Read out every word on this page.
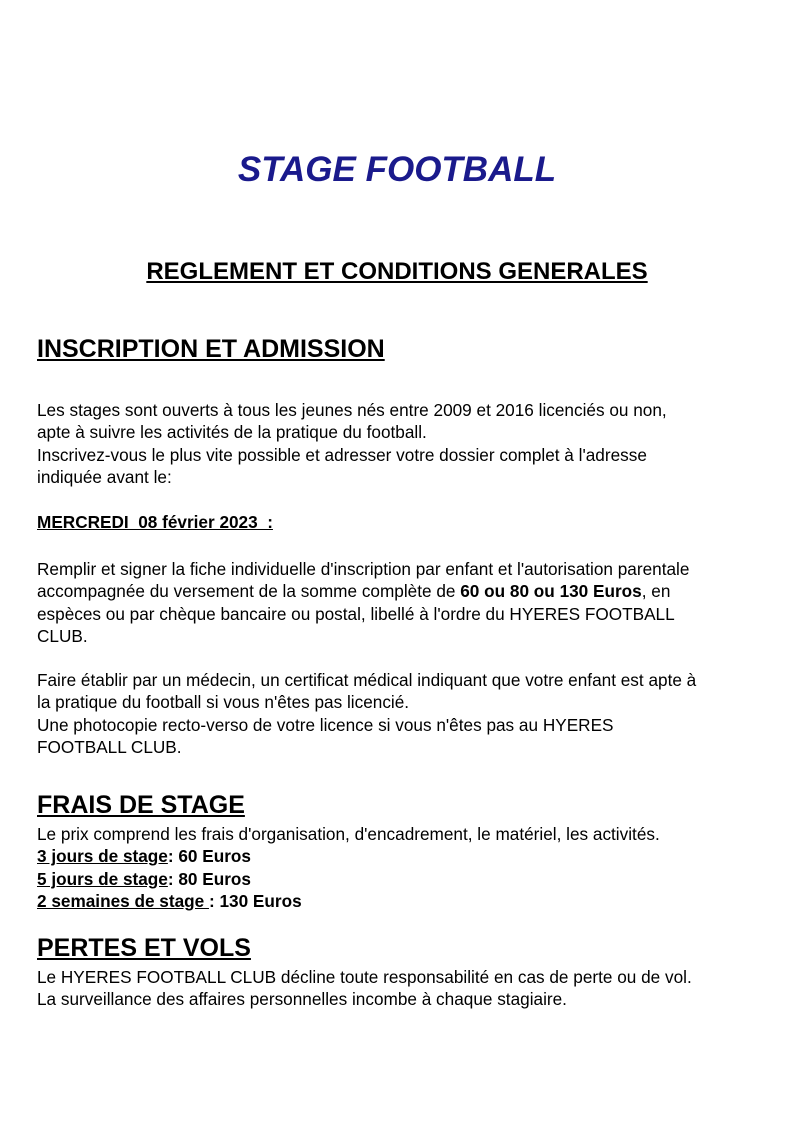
STAGE FOOTBALL
REGLEMENT ET CONDITIONS GENERALES
INSCRIPTION ET ADMISSION
Les stages sont ouverts à tous les jeunes nés entre 2009 et 2016 licenciés ou non,
apte à suivre les activités de la pratique du football.
Inscrivez-vous le plus vite possible et adresser votre dossier complet à l'adresse
indiquée avant le:
MERCREDI  08 février 2023  :
Remplir et signer la fiche individuelle d'inscription par enfant et l'autorisation parentale
accompagnée du versement de la somme complète de 60 ou 80 ou 130 Euros, en
espèces ou par chèque bancaire ou postal, libellé à l'ordre du HYERES FOOTBALL
CLUB.
Faire établir par un médecin, un certificat médical indiquant que votre enfant est apte à
la pratique du football si vous n'êtes pas licencié.
Une photocopie recto-verso de votre licence si vous n'êtes pas au HYERES
FOOTBALL CLUB.
FRAIS DE STAGE
Le prix comprend les frais d'organisation, d'encadrement, le matériel, les activités.
3 jours de stage: 60 Euros
5 jours de stage: 80 Euros
2 semaines de stage : 130 Euros
PERTES ET VOLS
Le HYERES FOOTBALL CLUB décline toute responsabilité en cas de perte ou de vol.
La surveillance des affaires personnelles incombe à chaque stagiaire.
